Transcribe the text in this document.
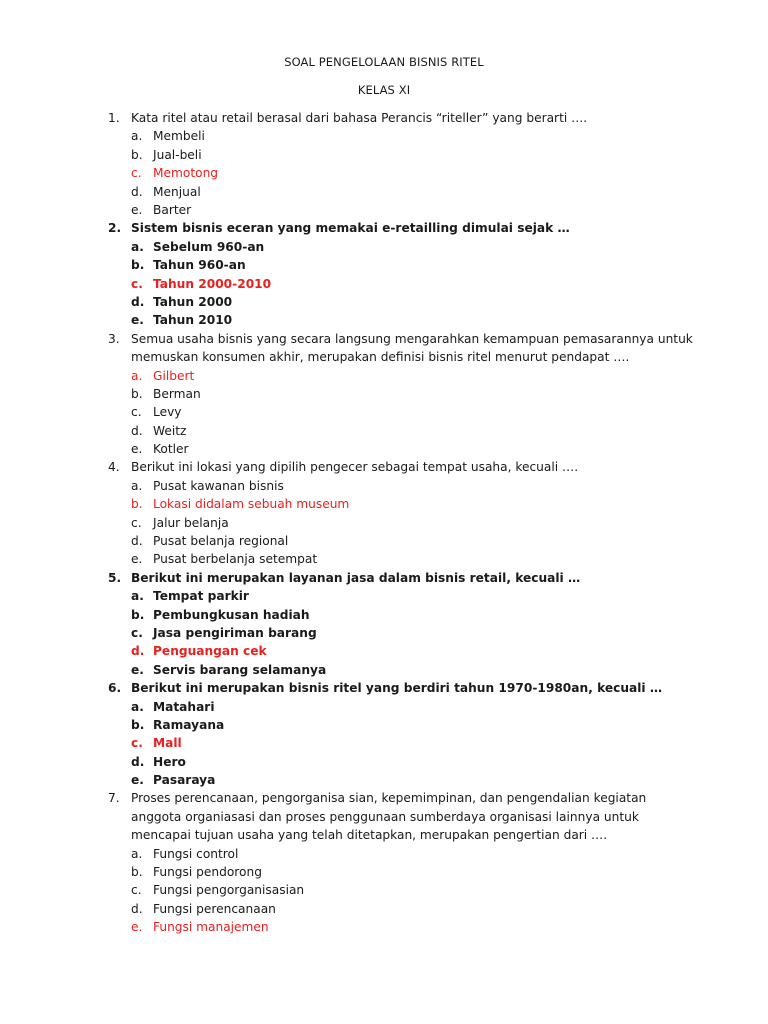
SOAL PENGELOLAAN BISNIS RITEL
KELAS XI
1. Kata ritel atau retail berasal dari bahasa Perancis “riteller” yang berarti ….
a. Membeli
b. Jual-beli
c. Memotong
d. Menjual
e. Barter
2. Sistem bisnis eceran yang memakai e-retailling dimulai sejak …
a. Sebelum 960-an
b. Tahun 960-an
c. Tahun 2000-2010
d. Tahun 2000
e. Tahun 2010
3. Semua usaha bisnis yang secara langsung mengarahkan kemampuan pemasarannya untuk memuskan konsumen akhir, merupakan definisi bisnis ritel menurut pendapat ….
a. Gilbert
b. Berman
c. Levy
d. Weitz
e. Kotler
4. Berikut ini lokasi yang dipilih pengecer sebagai tempat usaha, kecuali ….
a. Pusat kawanan bisnis
b. Lokasi didalam sebuah museum
c. Jalur belanja
d. Pusat belanja regional
e. Pusat berbelanja setempat
5. Berikut ini merupakan layanan jasa dalam bisnis retail, kecuali …
a. Tempat parkir
b. Pembungkusan hadiah
c. Jasa pengiriman barang
d. Penguangan cek
e. Servis barang selamanya
6. Berikut ini merupakan bisnis ritel yang berdiri tahun 1970-1980an, kecuali …
a. Matahari
b. Ramayana
c. Mall
d. Hero
e. Pasaraya
7. Proses perencanaan, pengorganisa sian, kepemimpinan, dan pengendalian kegiatan anggota organiasasi dan proses penggunaan sumberdaya organisasi lainnya untuk mencapai tujuan usaha yang telah ditetapkan, merupakan pengertian dari ….
a. Fungsi control
b. Fungsi pendorong
c. Fungsi pengorganisasian
d. Fungsi perencanaan
e. Fungsi manajemen
